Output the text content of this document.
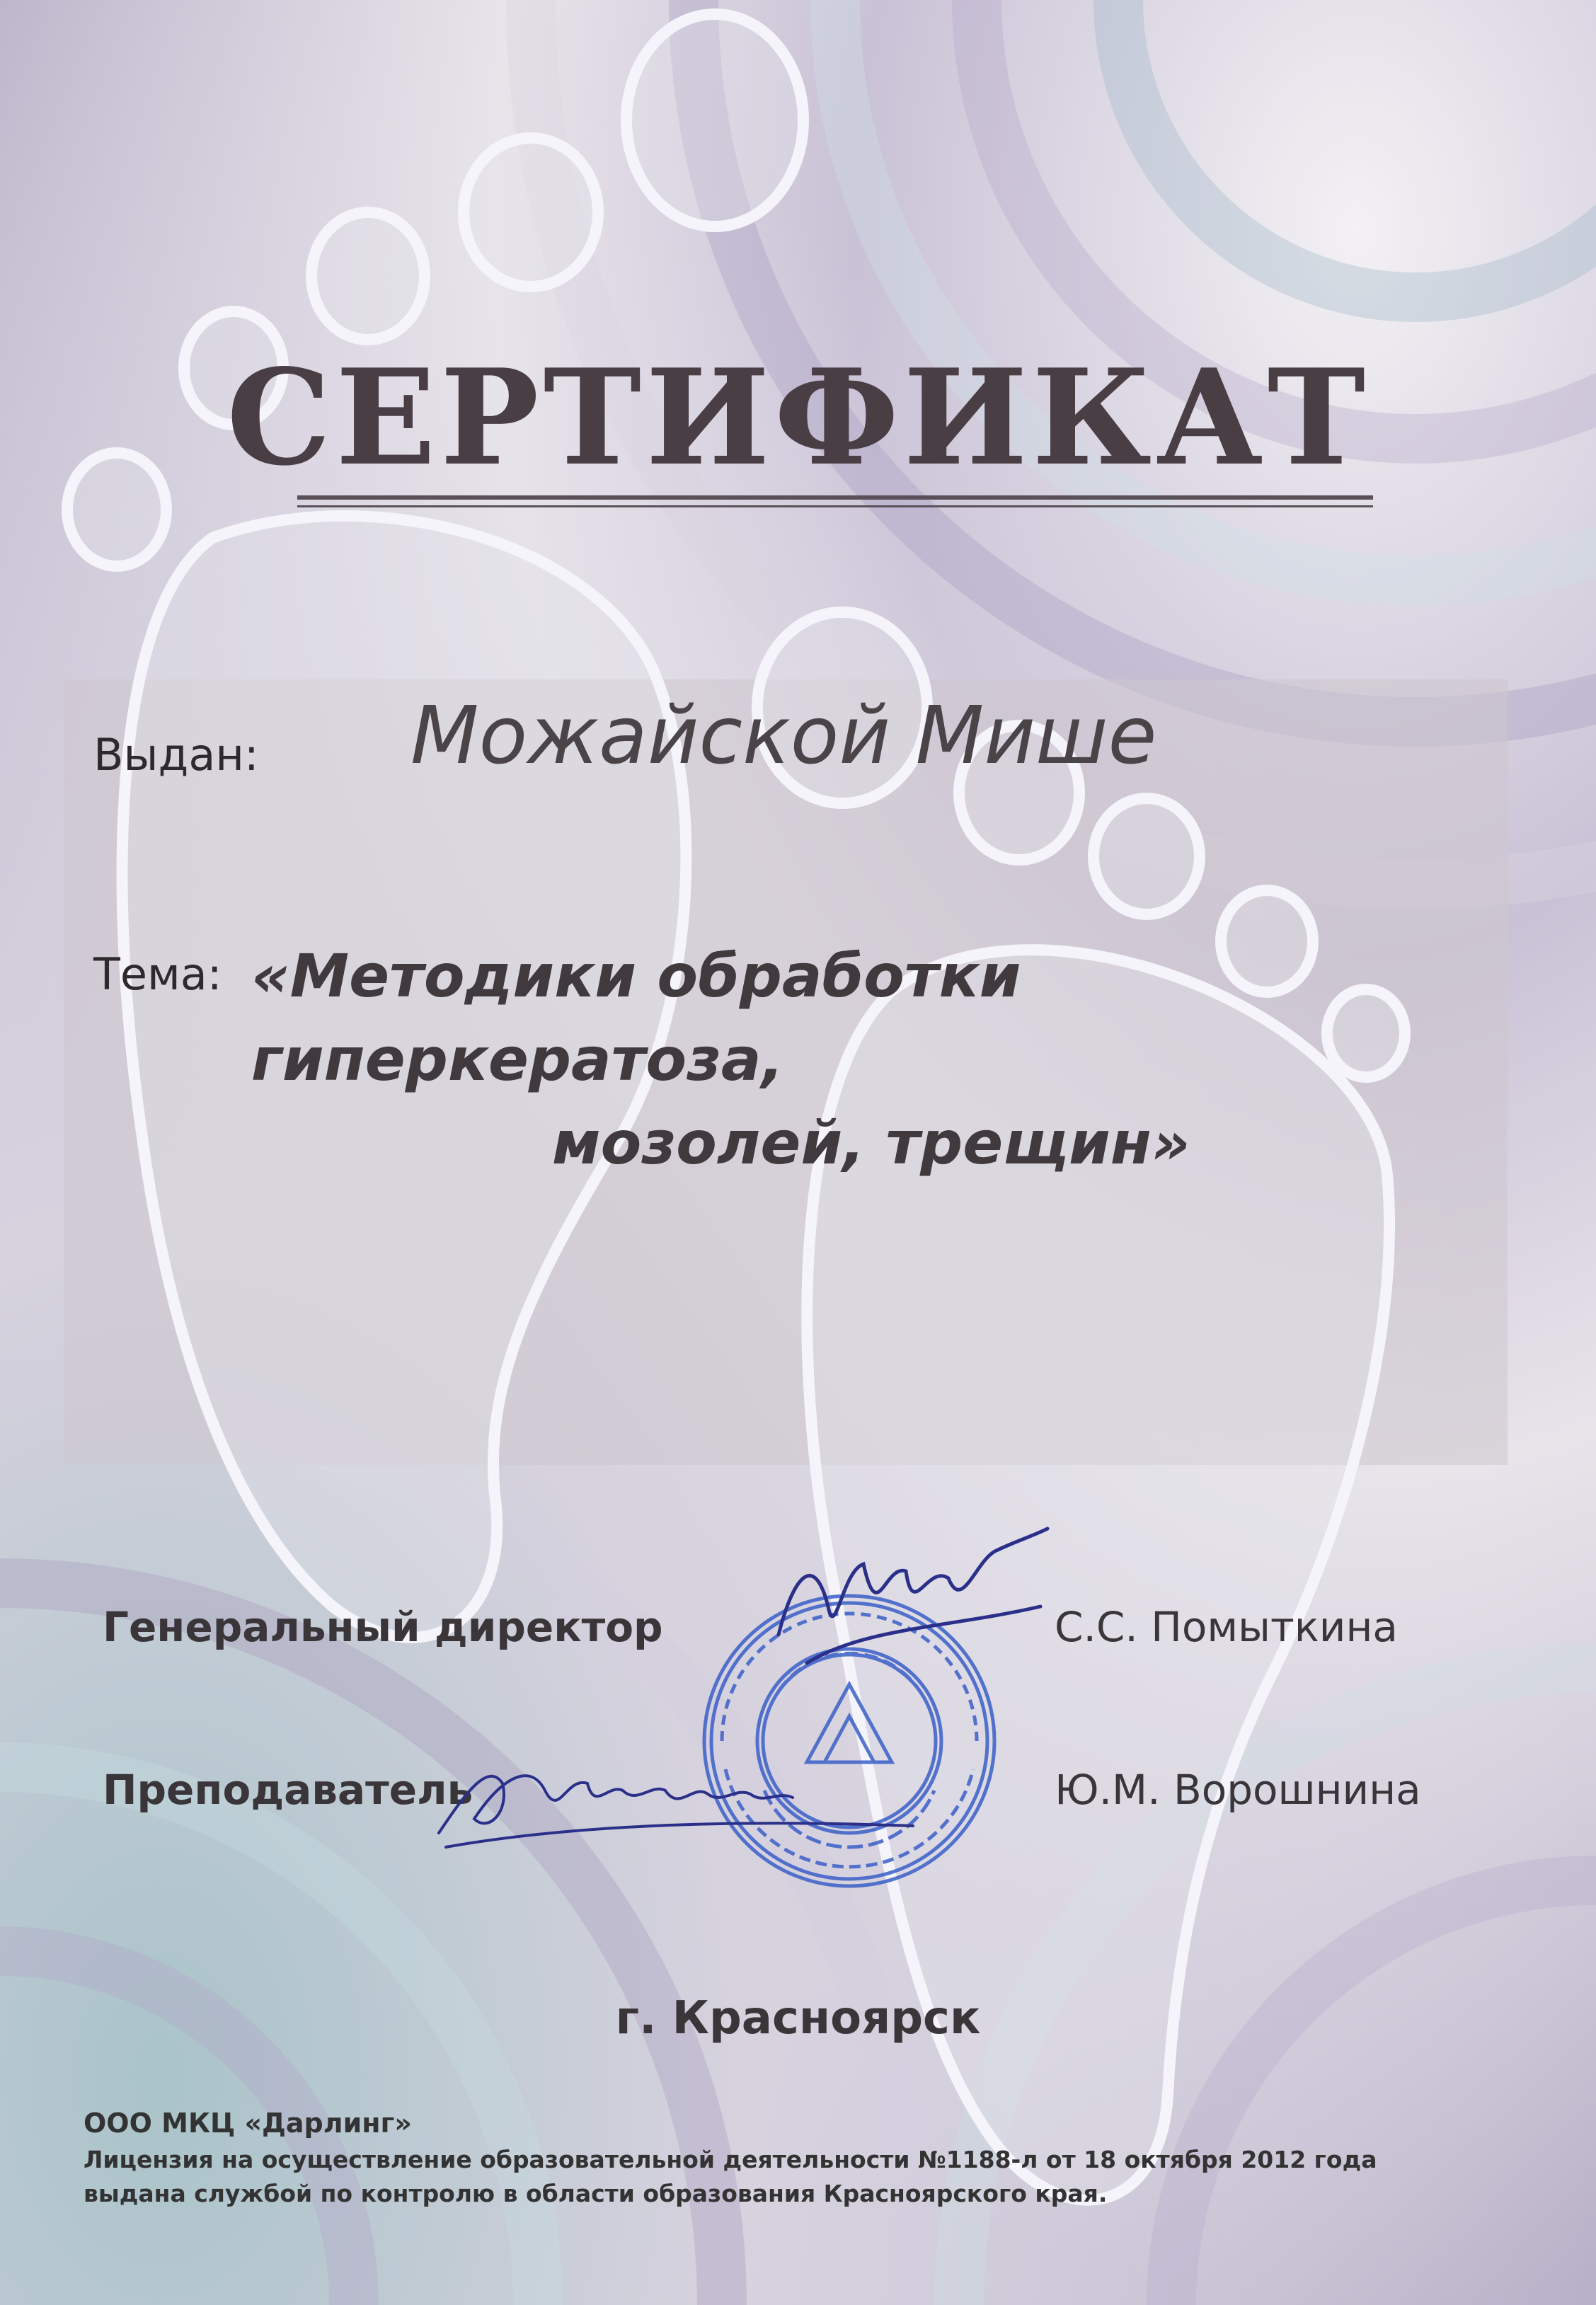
СЕРТИФИКАТ
Выдан: Можайской Мише
Тема: «Методики обработки гиперкератоза,
мозолей, трещин»
Генеральный директор	С.С. Помыткина
Преподаватель	Ю.М. Ворошнина
г. Красноярск
ООО МКЦ «Дарлинг»
Лицензия на осуществление образовательной деятельности №1188-л от 18 октября 2012 года
выдана службой по контролю в области образования Красноярского края.
